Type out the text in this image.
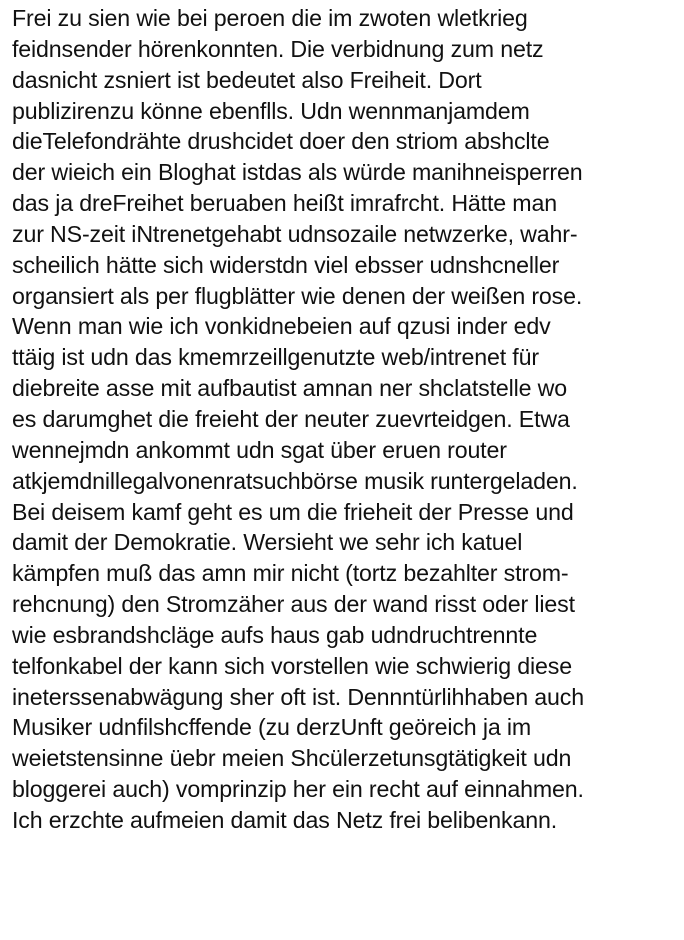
Frei zu sien wie bei peroen die im zwoten wletkrieg
feidnsender hörenkonnten. Die verbidnung zum netz
dasnicht zsniert ist bedeutet also Freiheit. Dort
publizirenzu könne ebenflls. Udn wennmanjamdem
dieTelefondrähte drushcidet doer den striom abshclte
der wieich ein Bloghat istdas als würde manihneisperren
das ja dreFreihet beruaben heißt imrafrcht. Hätte man
zur NS-zeit iNtrenetgehabt udnsozaile netwzerke, wahr-
scheilich hätte sich widerstdn viel ebsser udnshcneller
organsiert als per flugblätter wie denen der weißen rose.
Wenn man wie ich vonkidnebeien auf qzusi inder edv
ttäig ist udn das kmemrzeillgenutzte web/intrenet für
diebreite asse mit aufbautist amnan ner shclatstelle wo
es darumghet die freieht der neuter zuevrteidgen. Etwa
wennejmdn ankommt udn sgat über eruen router
atkjemdnillegalvonenratsuchbörse musik runtergeladen.
Bei deisem kamf geht es um die frieheit der Presse und
damit der Demokratie. Wersieht we sehr ich katuel
kämpfen muß das amn mir nicht (tortz bezahlter strom-
rehcnung) den Stromzäher aus der wand risst oder liest
wie esbrandshcläge aufs haus gab udndruchtrennte
telfonkabel der kann sich vorstellen wie schwierig diese
ineterssenabwägung sher oft ist. Dennntürlihhaben auch
Musiker udnfilshcffende (zu derzUnft geöreich ja im
weietstensinne üebr meien Shcülerzetunsgtätigkeit udn
bloggerei auch) vomprinzip her ein recht auf einnahmen.
Ich erzchte aufmeien damit das Netz frei belibenkann.
